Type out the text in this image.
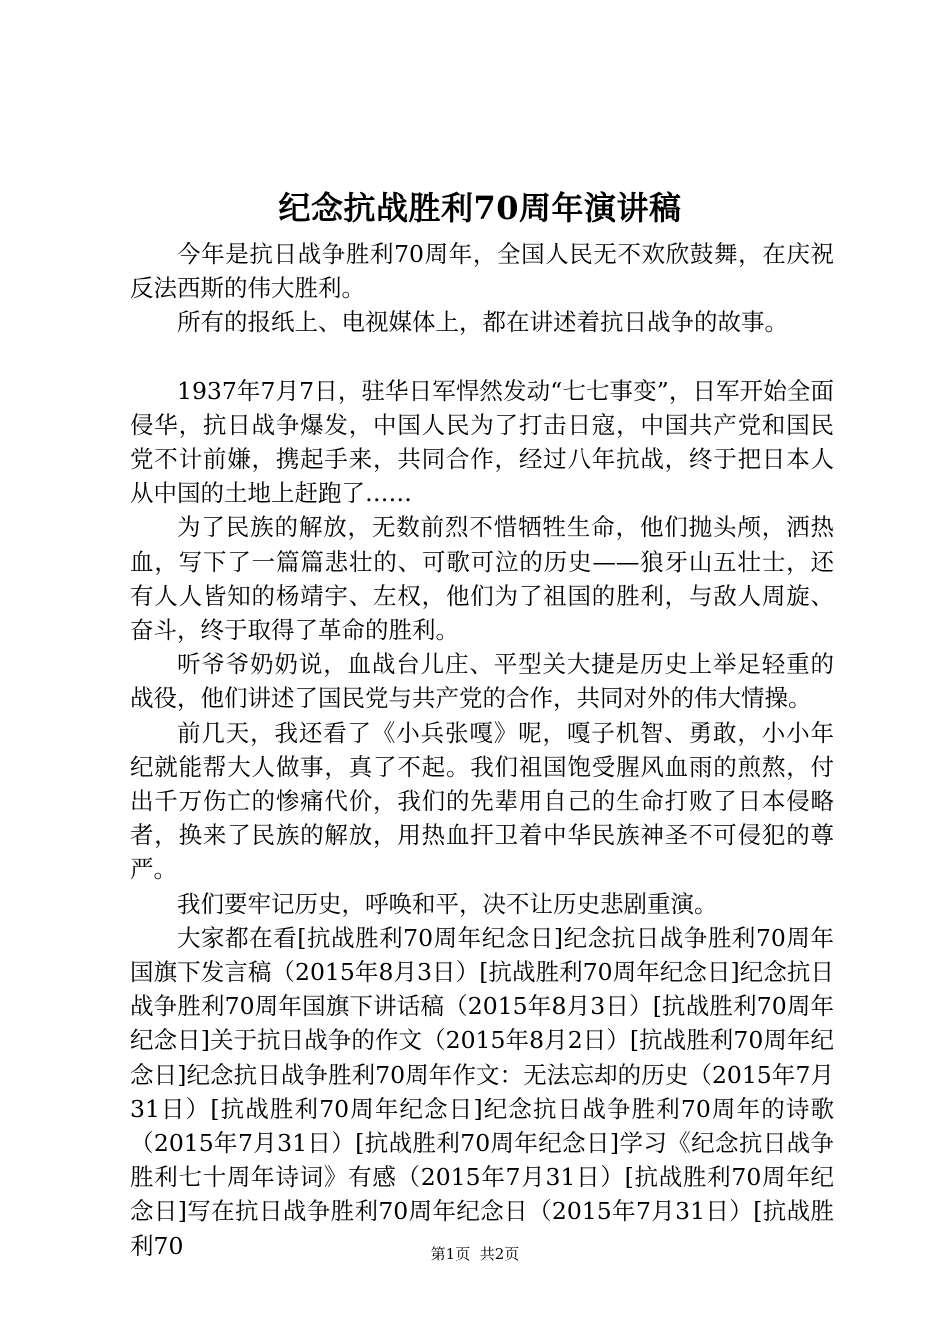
纪念抗战胜利70周年演讲稿

今年是抗日战争胜利70周年，全国人民无不欢欣鼓舞，在庆祝反法西斯的伟大胜利。

所有的报纸上、电视媒体上，都在讲述着抗日战争的故事。

1937年7月7日，驻华日军悍然发动“七七事变”，日军开始全面侵华，抗日战争爆发，中国人民为了打击日寇，中国共产党和国民党不计前嫌，携起手来，共同合作，经过八年抗战，终于把日本人从中国的土地上赶跑了……

为了民族的解放，无数前烈不惜牺牲生命，他们抛头颅，洒热血，写下了一篇篇悲壮的、可歌可泣的历史——狼牙山五壮士，还有人人皆知的杨靖宇、左权，他们为了祖国的胜利，与敌人周旋、奋斗，终于取得了革命的胜利。

听爷爷奶奶说，血战台儿庄、平型关大捷是历史上举足轻重的战役，他们讲述了国民党与共产党的合作，共同对外的伟大情操。

前几天，我还看了《小兵张嘎》呢，嘎子机智、勇敢，小小年纪就能帮大人做事，真了不起。我们祖国饱受腥风血雨的煎熬，付出千万伤亡的惨痛代价，我们的先辈用自己的生命打败了日本侵略者，换来了民族的解放，用热血扞卫着中华民族神圣不可侵犯的尊严。

我们要牢记历史，呼唤和平，决不让历史悲剧重演。

大家都在看[抗战胜利70周年纪念日]纪念抗日战争胜利70周年国旗下发言稿（2015年8月3日）[抗战胜利70周年纪念日]纪念抗日战争胜利70周年国旗下讲话稿（2015年8月3日）[抗战胜利70周年纪念日]关于抗日战争的作文（2015年8月2日）[抗战胜利70周年纪念日]纪念抗日战争胜利70周年作文：无法忘却的历史（2015年7月31日）[抗战胜利70周年纪念日]纪念抗日战争胜利70周年的诗歌（2015年7月31日）[抗战胜利70周年纪念日]学习《纪念抗日战争胜利七十周年诗词》有感（2015年7月31日）[抗战胜利70周年纪念日]写在抗日战争胜利70周年纪念日（2015年7月31日）[抗战胜利70	第1页 共2页
